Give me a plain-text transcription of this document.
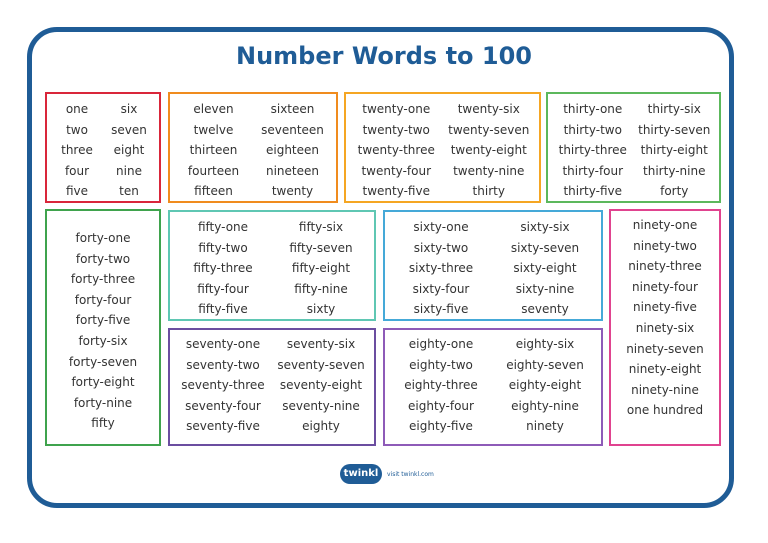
Number Words to 100
one
two
three
four
five
six
seven
eight
nine
ten
eleven
twelve
thirteen
fourteen
fifteen
sixteen
seventeen
eighteen
nineteen
twenty
twenty-one
twenty-two
twenty-three
twenty-four
twenty-five
twenty-six
twenty-seven
twenty-eight
twenty-nine
thirty
thirty-one
thirty-two
thirty-three
thirty-four
thirty-five
thirty-six
thirty-seven
thirty-eight
thirty-nine
forty
forty-one
forty-two
forty-three
forty-four
forty-five
forty-six
forty-seven
forty-eight
forty-nine
fifty
fifty-one
fifty-two
fifty-three
fifty-four
fifty-five
fifty-six
fifty-seven
fifty-eight
fifty-nine
sixty
sixty-one
sixty-two
sixty-three
sixty-four
sixty-five
sixty-six
sixty-seven
sixty-eight
sixty-nine
seventy
seventy-one
seventy-two
seventy-three
seventy-four
seventy-five
seventy-six
seventy-seven
seventy-eight
seventy-nine
eighty
eighty-one
eighty-two
eighty-three
eighty-four
eighty-five
eighty-six
eighty-seven
eighty-eight
eighty-nine
ninety
ninety-one
ninety-two
ninety-three
ninety-four
ninety-five
ninety-six
ninety-seven
ninety-eight
ninety-nine
one hundred
twinkl	visit twinkl.com
